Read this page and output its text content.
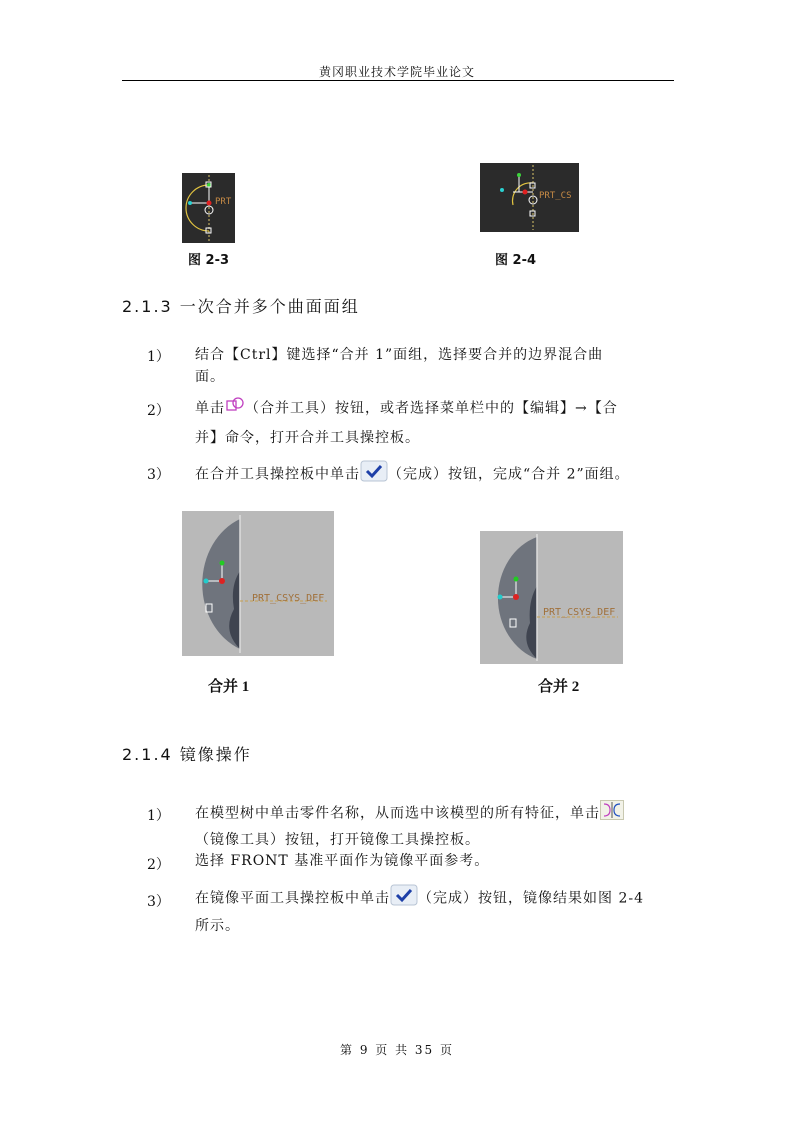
黄冈职业技术学院毕业论文
PRT
图 2-3
PRT_CS
图 2-4
2.1.3 一次合并多个曲面面组
1） 结合【Ctrl】键选择“合并 1”面组，选择要合并的边界混合曲
面。
2） 单击 （合并工具）按钮，或者选择菜单栏中的【编辑】→【合
并】命令，打开合并工具操控板。
3） 在合并工具操控板中单击 （完成）按钮，完成“合并 2”面组。
PRT_CSYS_DEF
合并 1
PRT_CSYS_DEF
合并 2
2.1.4 镜像操作
1） 在模型树中单击零件名称，从而选中该模型的所有特征，单击
（镜像工具）按钮，打开镜像工具操控板。
2） 选择 FRONT 基准平面作为镜像平面参考。
3） 在镜像平面工具操控板中单击 （完成）按钮，镜像结果如图 2-4
所示。
第 9 页 共 35 页
